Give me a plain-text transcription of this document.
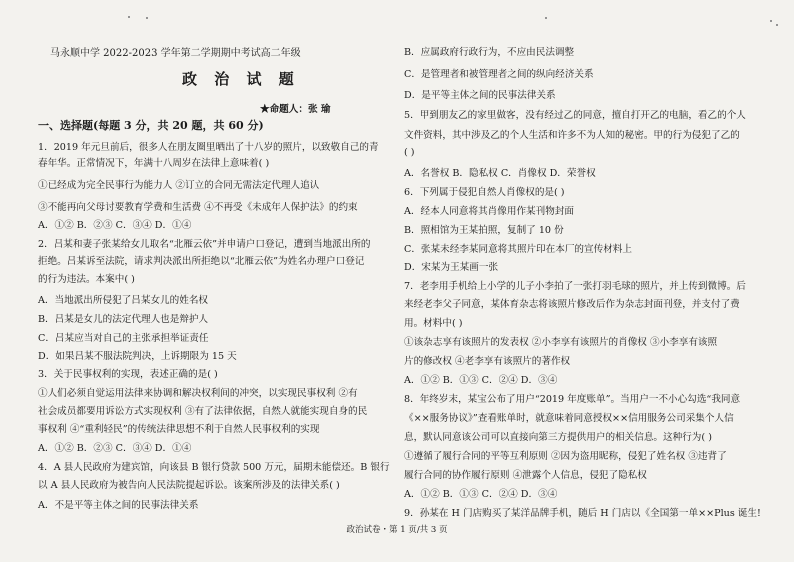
马永顺中学 2022-2023 学年第二学期期中考试高二年级
政 治 试 题
★命题人：张 瑜
一、选择题(每题 3 分，共 20 题，共 60 分)
1．2019 年元旦前后，很多人在朋友圈里晒出了十八岁的照片，以致敬自己的青
春年华。正常情况下，年满十八周岁在法律上意味着( )
①已经成为完全民事行为能力人 ②订立的合同无需法定代理人追认
③不能再向父母讨要教育学费和生活费 ④不再受《未成年人保护法》的约束
A．①② B．②③ C．③④ D．①④
2．吕某和妻子张某给女儿取名“北雁云依”并申请户口登记，遭到当地派出所的
拒绝。吕某诉至法院，请求判决派出所拒绝以“北雁云依”为姓名办理户口登记
的行为违法。本案中( )
A．当地派出所侵犯了吕某女儿的姓名权
B．吕某是女儿的法定代理人也是辩护人
C．吕某应当对自己的主张承担举证责任
D．如果吕某不服法院判决，上诉期限为 15 天
3．关于民事权利的实现，表述正确的是( )
①人们必须自觉运用法律来协调和解决权利间的冲突，以实现民事权利 ②有
社会成员都要用诉讼方式实现权利 ③有了法律依据，自然人就能实现自身的民
事权利 ④“重利轻民”的传统法律思想不利于自然人民事权利的实现
A．①② B．②③ C．③④ D．①④
4．A 县人民政府为建宾馆，向该县 B 银行贷款 500 万元，届期未能偿还。B 银行
以 A 县人民政府为被告向人民法院提起诉讼。该案所涉及的法律关系( )
A．不是平等主体之间的民事法律关系
B．应属政府行政行为，不应由民法调整
C．是管理者和被管理者之间的纵向经济关系
D．是平等主体之间的民事法律关系
5．甲到朋友乙的家里做客，没有经过乙的同意，擅自打开乙的电脑，看乙的个人
文件资料，其中涉及乙的个人生活和许多不为人知的秘密。甲的行为侵犯了乙的
( )
A．名誉权 B．隐私权 C．肖像权 D．荣誉权
6．下列属于侵犯自然人肖像权的是( )
A．经本人同意将其肖像用作某刊物封面
B．照相馆为王某拍照，复制了 10 份
C．张某未经李某同意将其照片印在本厂的宣传材料上
D．宋某为王某画一张
7．老李用手机给上小学的儿子小李拍了一张打羽毛球的照片，并上传到微博。后
来经老李父子同意，某体育杂志将该照片修改后作为杂志封面刊登，并支付了费
用。材料中( )
①该杂志享有该照片的发表权 ②小李享有该照片的肖像权 ③小李享有该照
片的修改权 ④老李享有该照片的著作权
A．①② B．①③ C．②④ D．③④
8．年终岁末，某宝公布了用户“2019 年度账单”。当用户一不小心勾选“我同意
《××服务协议》”查看账单时，就意味着同意授权××信用服务公司采集个人信
息，默认同意该公司可以直接向第三方提供用户的相关信息。这种行为( )
①遵循了履行合同的平等互利原则 ②因为盗用昵称，侵犯了姓名权 ③违背了
履行合同的协作履行原则 ④泄露个人信息，侵犯了隐私权
A．①② B．①③ C．②④ D．③④
9．孙某在 H 门店购买了某洋品牌手机，随后 H 门店以《全国第一单××Plus 诞生!
政治试卷・第 1 页/共 3 页
